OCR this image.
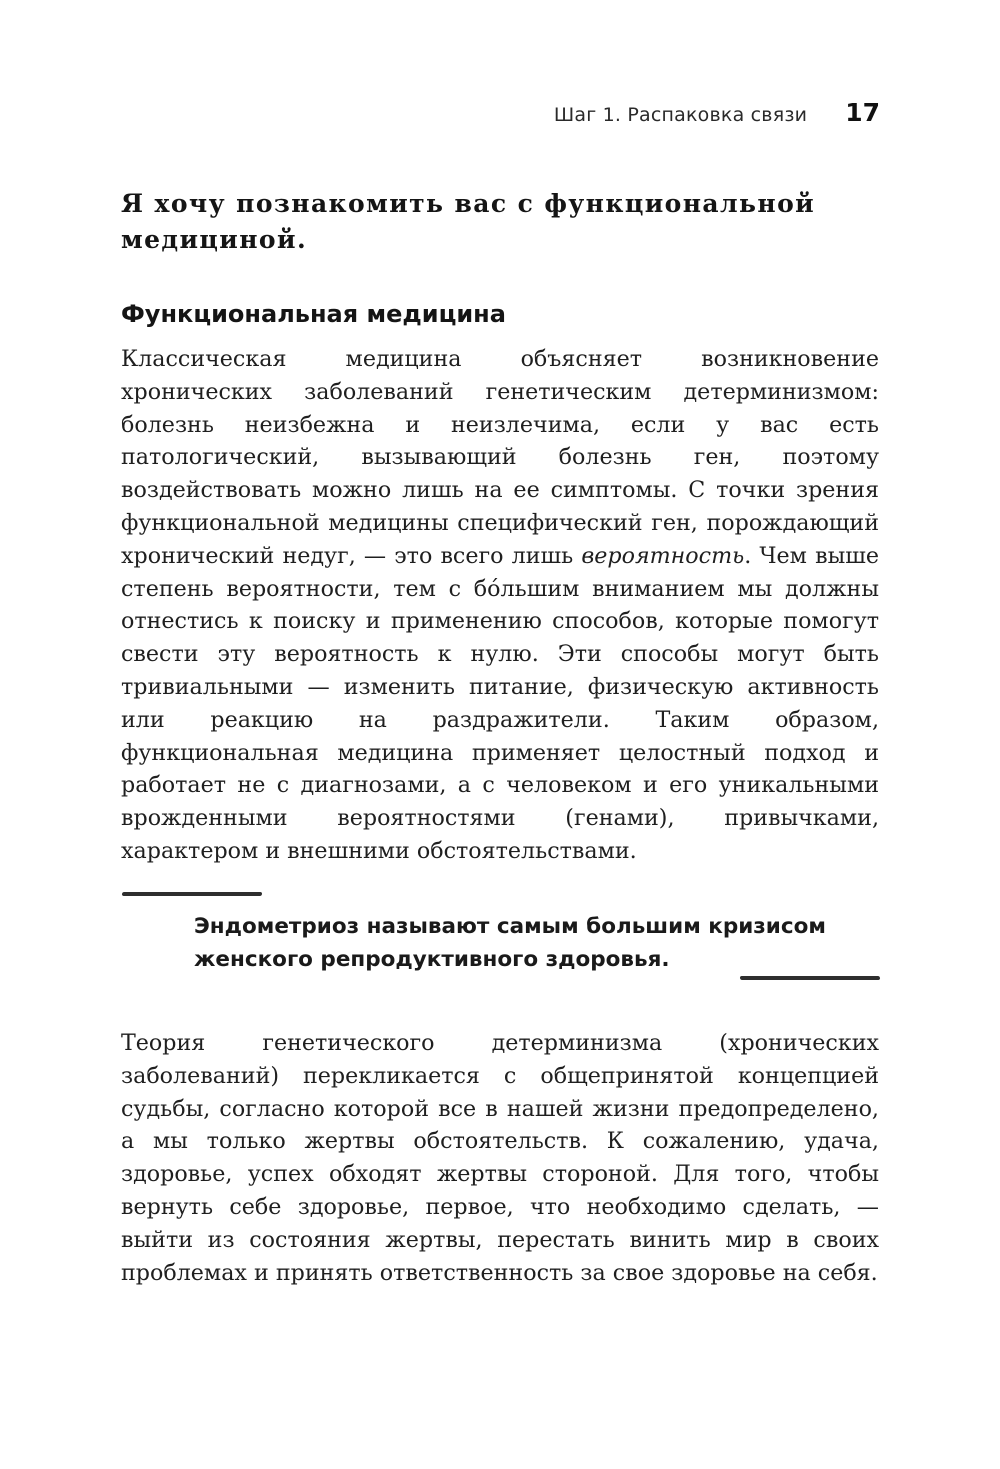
Шаг 1. Распаковка связи 17

Я хочу познакомить вас с функциональной медициной.

Функциональная медицина

Классическая медицина объясняет возникновение хронических заболеваний генетическим детерминизмом: болезнь неизбежна и неизлечима, если у вас есть патологический, вызывающий болезнь ген, поэтому воздействовать можно лишь на ее симптомы. С точки зрения функциональной медицины специфический ген, порождающий хронический недуг, — это всего лишь вероятность. Чем выше степень вероятности, тем с бóльшим вниманием мы должны отнестись к поиску и применению способов, которые помогут свести эту вероятность к нулю. Эти способы могут быть тривиальными — изменить питание, физическую активность или реакцию на раздражители. Таким образом, функциональная медицина применяет целостный подход и работает не с диагнозами, а с человеком и его уникальными врожденными вероятностями (генами), привычками, характером и внешними обстоятельствами.

Эндометриоз называют самым большим кризисом женского репродуктивного здоровья.

Теория генетического детерминизма (хронических заболеваний) перекликается с общепринятой концепцией судьбы, согласно которой все в нашей жизни предопределено, а мы только жертвы обстоятельств. К сожалению, удача, здоровье, успех обходят жертвы стороной. Для того, чтобы вернуть себе здоровье, первое, что необходимо сделать, — выйти из состояния жертвы, перестать винить мир в своих проблемах и принять ответственность за свое здоровье на себя.
